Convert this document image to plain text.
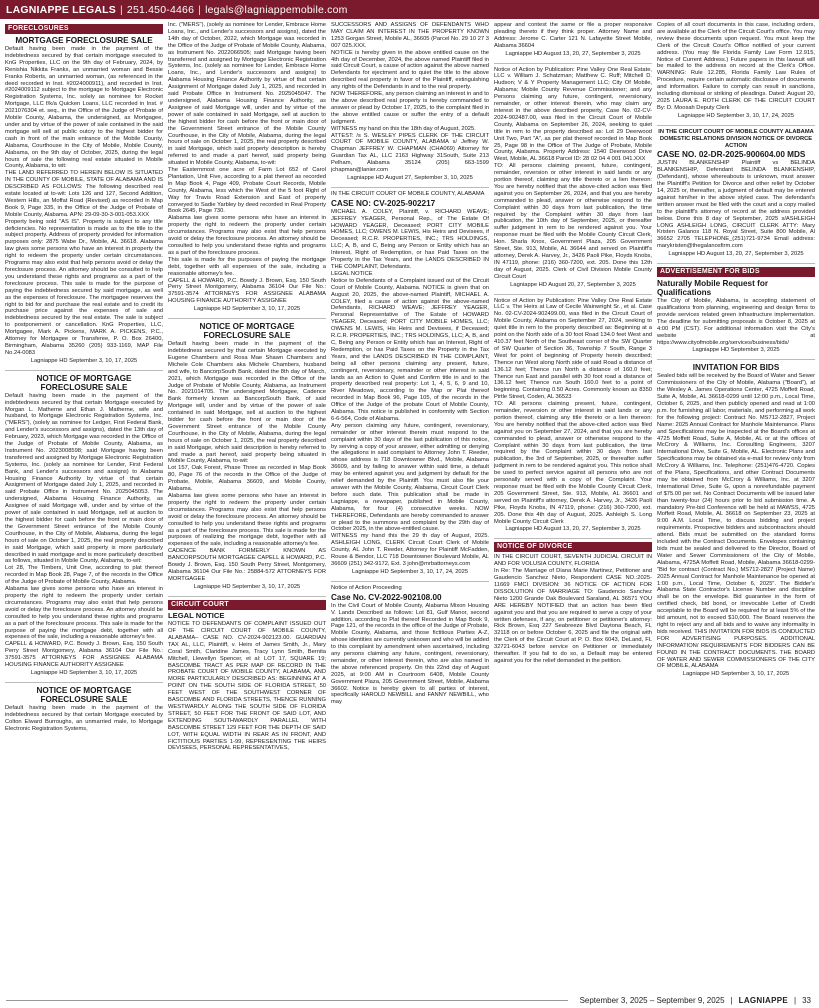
LAGNIAPPE LEGALS | 251.450-4466 | legals@lagniappemobile.com
FORECLOSURES
MORTGAGE FORECLOSURE SALE
Default having been made in the payment of the indebtedness secured by that certain mortgage executed to KnG Properties, LLC on the 9th day of February, 2024, by Renishia Nikkita Franks, an unmarried woman and Bessie Franks Roberts, an unmarried woman, (as referenced in the deed recorded in Inst. #2024000911), and recorded in Inst. #2024009112 subject to the mortgage to Mortgage Electronic Registration Systems, Inc. solely as nominee for Rocket Mortgage, LLC f/k/a Quicken Loans, LLC recorded in Inst. # 2021076304 et. seq., in the Office of the Judge of Probate of Mobile County, Alabama, the undersigned, as Mortgagee, under and by virtue of the power of sale contained in the said mortgage will sell at public outcry to the highest bidder for cash in front of the main entrance of the Mobile County, Alabama, Courthouse in the City of Mobile, Mobile County, Alabama, on the 9th day of October, 2025, during the legal hours of sale the following real estate situated in Mobile County, Alabama, to wit:
THE LAND REFERRED TO HEREIN BELOW IS SITUATED IN THE COUNTY OF MOBILE, STATE OF ALABAMA AND IS DESCRIBED AS FOLLOWS: The following described real estate located at to-wit: Lots 126 and 127, Second Addition, Western Hills, an Moffat Road (Revised) as recorded in Map Book 9, Page 335, in the Office of the Judge of Probate of Mobile County, Alabama. APN: 29-09-30-3-001-053.XXX
Property being sold "AS IS". Property is subject to any title deficiencies. No representation is made as to the title to the subject property. Address of property provided for information purposes only: 2875 Wabe Dr., Mobile, AL 36618. Alabama law gives some persons who have an interest in property the right to redeem the property under certain circumstances. Programs may also exist that help persons avoid or delay the foreclosure process. An attorney should be consulted to help you understand these rights and programs as a part of the foreclosure process. This sale is made for the purpose of paying the indebtedness secured by said mortgage, as well as the expenses of foreclosure. The mortgagee reserves the right to bid for and purchase the real estate and to credit its purchase price against the expenses of sale and indebtedness secured by the real estate. The sale is subject to postponement or cancellation. KnG Properties, LLC, Mortgagee, Mark A. Pickens, MARK A. PICKENS, P.C., Attorney for Mortgagee or Transferee, P. O. Box 26400, Birmingham, Alabama 35260 (205) 933-1169, MAP File No.24-0083
Lagniappe HD September 3, 10, 17, 2025
NOTICE OF MORTGAGE FORECLOSURE SALE
Default having been made in the payment of the indebtedness secured by that certain Mortgage executed by Morgan L. Matherne and Ethan J. Matherne, wife and husband, to Mortgage Electronic Registration Systems, Inc. ("MERS"), (solely as nominee for Ledger, First Federal Bank, and Lender's successors and assigns), dated the 13th day of February, 2023, which Mortgage was recorded in the Office of the Judge of Probate of Mobile County, Alabama, as Instrument No. 2023008598; said Mortgage having been transferred and assigned by Mortgage Electronic Registration Systems, Inc. (solely as nominee for Lender, First Federal Bank, and Lender's successors and assigns) to Alabama Housing Finance Authority by virtue of that certain Assignment of Mortgage dated July 1, 2025, and recorded in said Probate Office in Instrument No. 2025045053. The undersigned, Alabama Housing Finance Authority, as Assignee of said Mortgage will, under and by virtue of the power of sale contained in said Mortgage, sell at auction to the highest bidder for cash before the front or main door of the Government Street entrance of the Mobile County Courthouse, in the City of Mobile, Alabama, during the legal hours of sale on October 1, 2025, the real property described in said Mortgage, which said property is more particularly described in said mortgage and is more particularly described as follows, situated in Mobile County, Alabama, to-wit:
Lot 28, The Timbers, Unit One, according to plat thereof recorded in Map Book 28, Page 7, of the records in the Office of the Judge of Probate of Mobile County, Alabama.
Alabama law gives some persons who have an interest in property the right to redeem the property under certain circumstances. Programs may also exist that help persons avoid or delay the foreclosure process. An attorney should be consulted to help you understand these rights and programs as a part of the foreclosure process. This sale is made for the purpose of paying the mortgage debt, together with all expenses of the sale, including a reasonable attorney's fee.
CAPELL & HOWARD, P.C. Bowdy J. Brown, Esq. 150 South Perry Street Montgomery, Alabama 36104 Our File No.: 37591-3575 ATTORNEYS FOR ASSIGNEE ALABAMA HOUSING FINANCE AUTHORITY ASSIGNEE
Lagniappe HD September 3, 10, 17, 2025
NOTICE OF MORTGAGE FORECLOSURE SALE
Default having been made in the payment of the indebtedness secured by that certain Mortgage executed by Colton Elward Burroughs, an unmarried male, to Mortgage Electronic Registration Systems,
Inc. ("MERS"), (solely as nominee for Lender, Embrace Home Loans, Inc., and Lender's successors and assigns), dated the 14th day of October, 2022, which Mortgage was recorded in the Office of the Judge of Probate of Mobile County, Alabama, as Instrument No. 2022066505; said Mortgage having been transferred and assigned by Mortgage Electronic Registration Systems, Inc. (solely as nominee for Lender, Embrace Home Loans, Inc., and Lender's successors and assigns) to Alabama Housing Finance Authority by virtue of that certain Assignment of Mortgage dated July 1, 2025, and recorded in said Probate Office in Instrument No. 2025045047. The undersigned, Alabama Housing Finance Authority, as Assignee of said Mortgage will, under and by virtue of the power of sale contained in said Mortgage, sell at auction to the highest bidder for cash before the front or main door of the Government Street entrance of the Mobile County Courthouse, in the City of Mobile, Alabama, during the legal hours of sale on October 1, 2025, the real property described in said Mortgage, which said property description is hereby referred to and made a part hereof, said property being situated in Mobile County, Alabama, to-wit:
The Easternmost one acre of Farm Lot 652 of Carol Plantation, Unit Five, according to a plat thereof as recorded in Map Book 4, Page 409, Probate Court Records, Mobile County, Alabama, less which the West of the 5 foot Right of Way for Travis Road Extension and East of property conveyed to Sadie Yarbley by deed recorded in Real Property Book 2645, Page 730.
Alabama law gives some persons who have an interest in property the right to redeem the property under certain circumstances. Programs may also exist that help persons avoid or delay the foreclosure process. An attorney should be consulted to help you understand these rights and programs as a part of the foreclosure process.
This sale is made for the purposes of paying the mortgage debt, together with all expenses of the sale, including a reasonable attorney's fee.
CAPELL & HOWARD, P.C. Bowdy J. Brown, Esq. 150 South Perry Street Montgomery, Alabama 36104 Our File No.: 37591-3574 ATTORNEYS FOR ASSIGNEE ALABAMA HOUSING FINANCE AUTHORITY ASSIGNEE
Lagniappe HD September 3, 10, 17, 2025
NOTICE OF MORTGAGE FORECLOSURE SALE
Default having been made in the payment of the indebtedness secured by that certain Mortgage executed by Eugene Chambers and Rosa Mae Shawn Chambers and Michele Cole Chambers aka Michele Chambers, husband and wife, to BancorpSouth Bank, dated the 8th day of March, 2021, which Mortgage was recorded in the Office of the Judge of Probate of Mobile County, Alabama, as Instrument No. 2021014705. The undersigned Mortgagee, Cadence Bank formerly known as BancorpSouth Bank, of said Mortgage will, under and by virtue of the power of sale contained in said Mortgage, sell at auction to the highest bidder for cash before the front or main door of the Government Street entrance of the Mobile County Courthouse, in the City of Mobile, Alabama, during the legal hours of sale on October 1, 2025, the real property described in said Mortgage, which said description is hereby referred to and made a part hereof, said property being situated in Mobile County, Alabama, to-wit:
Lot 157, Oak Forest, Phase Three as recorded in Map Book 80, Page 76 of the records in the Office of the Judge of Probate, Mobile, Alabama 36609, and Mobile County, Alabama.
Alabama law gives some persons who have an interest in property the right to redeem the property under certain circumstances. Programs may also exist that help persons avoid or delay the foreclosure process. An attorney should be consulted to help you understand these rights and programs as a part of the foreclosure process. This sale is made for the purposes of realizing the mortgage debt, together with all expenses of the sale, including a reasonable attorney's fee.
CADENCE BANK FORMERLY KNOWN AS BANCORPSOUTH MORTGAGEE CAPELL & HOWARD, P.C. Bowdy J. Brown, Esq. 150 South Perry Street, Montgomery, Alabama 36104 Our File No.: 25884-572 ATTORNEYS FOR MORTGAGEE
Lagniappe HD September 3, 10, 17, 2025
CIRCUIT COURT
LEGAL NOTICE
NOTICE TO DEFENDANTS OF COMPLAINT ISSUED OUT OF THE CIRCUIT COURT OF MOBILE COUNTY, ALABAMA– CASE NO. CV-2024-902123.00. GUARDIAN TAX AL, LLC, Plaintiff, v. Heirs of James Smith, Jr., Mary Coral Smith, Claridine James, Tracy Lynn Smith, Bernita Mitchell, Llewellyn Spencer, et al: LOT 17, SQUARE 19; BASCOMBE TRACT AS PER MAP OF RECORD IN THE PROBATE COURT OF MOBILE COUNTY, ALABAMA, AND MORE PARTICULARLY DESCRIBED AS: BEGINNING AT A POINT ON THE SOUTH SIDE OF FLORIDA STREET, 50 FEET WEST OF THE SOUTHWEST CORNER OF BASCOMBE AND FLORIDA STREETS, THENCE RUNNING WESTWARDLY ALONG THE SOUTH SIDE OF FLORIDA STREET, 50 FEET FOR THE FRONT OF SAID LOT, AND EXTENDING SOUTHWARDLY PARALLEL WITH BASCOMBE STREET 129 FEET FOR THE DEPTH OF SAID LOT, WITH EQUAL WIDTH IN REAR AS IN FRONT, AND FICTITIOUS PARTIES 1-99, REPRESENTING THE HEIRS DEVISEES, PERSONAL REPRESENTATIVES,
SUCCESSORS AND ASSIGNS OF DEFENDANTS WHO MAY CLAIM AN INTEREST IN THE PROPERTY KNOWN 1253 Gorgan Street, Mobile AL, 36605 (Parcel No. 29 10 27 3 007 025.XXX.
NOTICE is hereby given in the above entitled cause on the 4th day of December, 2024, the above named Plaintiff filed in said Circuit Court, a cause of action against the above named Defendants for ejectment and to quiet the title to the above described real property in favor of the Plaintiff, extinguishing any rights of the Defendants in and to the real property.
NOW THEREFORE, any person claiming an interest in and to the above described real property is hereby commanded to answer or plead by October 17, 2025, to the complaint filed in the above entitled cause or suffer the entry of a default judgment.
WITNESS my hand on this the 18th day of August, 2025.
ATTEST: /s S. WESLEY PIPES CLERK OF THE CIRCUIT COURT OF MOBILE COUNTY, ALABAMA s/ Jeffrey W. Chapman JEFFREY W. CHAPMAN (CHA069) Attorney for Guardian Tax AL, LLC 2163 Highway 31South, Suite 213 Pelham, Alabama 35124 (205) 663-1599 jchapman@lanier.com
Lagniappe HD August 27, September 3, 10, 2025
IN THE CIRCUIT COURT OF MOBILE COUNTY, ALABAMA
CASE NO: CV-2025-902217
MICHAEL A. COLEY, Plaintiff, v. RICHARD WEAVE; JEFFREY YEAGER, Personal Rep., of The Estate Of HOWARD YEAGER, Deceased; PORT CITY MOBILE HOMES, LLC; OWENS M. LEWIS, His Heirs and Devisees, if Deceased; R.C.R. PROPERTIES, INC.; TRS HOLDINGS, LLC; A, B, and C, Being any Person or Entity which has an Interest, Right of Redemption, or has Paid Taxes on the Property in the Tax Years, and the LANDS DESCRIBED IN THE COMPLAINT, Defendants.
LEGAL NOTICE
Notice to Defendants of a Complaint issued out of the Circuit Court of Mobile County, Alabama. NOTICE is given that on August 20, 2025, the above-named Plaintiff, MICHAEL A. COLEY, filed a cause of action against the above-named Defendants, RICHARD WEAVE; JEFFREY YEAGER, Personal Representative of The Estate of HOWARD YEAGER, Deceased; PORT CITY MOBILE HOMES, LLC; OWENS M. LEWIS, His Heirs and Devisees, if Deceased; R.C.R. PROPERTIES, INC.; TRS HOLDINGS, LLC; A, B, and C, Being any Person or Entity which has an Interest, Right of Redemption, or has Paid Taxes on the Property in the Tax Years, and the LANDS DESCRIBED IN THE COMPLAINT, being all other persons claiming any present, future, contingent, reversionary, remainder or other interest in said lands as an Action to Quiet and Confirm title in and to the property described real property: Lot 1, 4, 5, 6, 9 and 10, River Meadows, according to the Map or Plat thereof recorded in Map Book 96, Page 105, of the records in the Office of the Judge of the probate Court of Mobile County, Alabama. This notice is published in conformity with Section 6-6-564, Code of Alabama.
Any person claiming any future, contingent, reversionary, remainder or other interest therein must respond to the complaint within 30 days of the last publication of this notice, by serving a copy of your answer, either admitting or denying the allegations in said complaint to Attorney John T. Reeder, whose address is 718 Downtowner Blvd., Mobile, Alabama 36609, and by failing to answer within said time, a default may be entered against you and judgment by default for the relief demanded by the Plaintiff. You must also file your answer with the Mobile County, Alabama, Circuit Court Clerk before such date. This publication shall be made in Lagniappe, a newspaper, published in Mobile County, Alabama, for four (4) consecutive weeks. NOW THEREFORE, Defendants are hereby commanded to answer or plead to the summons and complaint by the 29th day of October 2025, in the above-entitled cause.
WITNESS my hand this the 29 th day of August, 2025. ASHLEIGH LONG, CLERK Circuit Court Clerk of Mobile County, AL John T. Reeder, Attorney for Plaintiff McFadden, Rouse & Bendor, LLC 718 Downtowner Boulevard Mobile, AL 36609 (251) 342-9172, Ext. 3 john@mrbattorneys.com
Lagniappe HD September 3, 10, 17, 24, 2025
Notice of Action Proceeding
Case No. CV-2022-902108.00
In the Civil Court of Mobile County, Alabama Mixon Housing V. Lands Described as follows: Lot 81, Gulf Manor, second addition, according to Plat thereof Recorded in Map Book 9, Page 121, of the records in the office of the Judge of Probate, Mobile County, Alabama, and those fictitious Parties A-Z, whose identities are currently unknown and who will be added to this complaint by amendment when ascertained, including any persons claiming any future, contingent, reversionary, remainder, or other interest therein, who are also named in the above referenced property. On this 22nd day of August 2025, at 9:00 AM in Courtroom 6408, Mobile County Government Plaza, 205 Government Street, Mobile, Alabama 36602. Notice is hereby given to all parties of interest, specifically HAROLD NEWBILL and FANNY NEWBILL, who may
appear and contest the same or file a proper responsive pleading thereto if they think proper. Attorney Name and Address: Jerome C. Carter 121 N. Lafayette Street Mobile, Alabama 36604
Lagniappe HD August 13, 20, 27, September 3, 2025
Notice of Action by Publication: Pine Valley One Real Estate, LLC v. William J. Schatzman; Matthew C. Ruff; Mitchell D. Hudson; V & Y Property Management LLC; City Of Mobile, Alabama; Mobile County Revenue Commissioner; and any Persons claiming any future, contingent, reversionary, remainder, or other interest therein, who may claim any interest in the above described property, Case No. 02-CV-2024-902487.00, was filed in the Circuit Court of Mobile County, Alabama on September 26, 2024, seeking to quiet title in rem to the property described as: Lot 29 Deerwood Unit Two, Part "A", as per plat thereof recorded in Map Book 25, Page 98 in the Office of The Judge of Probate, Mobile County, Alabama. Property Address: 1540 Deerwood Drive West, Mobile, AL 36618 Parcel ID: 28 02 04 4 001 041.XXX
TO: All persons claiming present, future, contingent, remainder, reversion or other interest in said lands or any portion thereof, claiming any title thereto or a lien thereon: You are hereby notified that the above-cited action was filed against you on September 26, 2024, and that you are hereby commanded to plead, answer or otherwise respond to the Complaint within 30 days from last publication, the time required by the Complaint within 30 days from last publication, the 10th day of September, 2025, or thereafter suffer judgment in rem to be rendered against you. Your response must be filed with the Mobile County Circuit Clerk, Hon. Sharla Knox, Government Plaza, 205 Government Street, Ste. 913, Mobile, AL 36644 and served on Plaintiff's attorney, Derek A. Harvey, Jr., 3426 Paoli Pike, Floyds Knobs, IN 47119, phone: (216) 360-7200, ext. 205. Done this 12th day of August, 2025. Clerk of Civil Division Mobile County Circuit Court
Lagniappe HD August 20, 27, September 3, 2025
Notice of Action by Publication: Pine Valley One Real Estate LLC v. The Heirs at Law of Cecile Wainwright Sr., et al. Case No. 02-CV-2024-902499.00, was filed in the Circuit Court of Mobile County, Alabama on September 27, 2024, seeking to quiet title in rem to the property described as: Beginning at a point on the North side of a 30 foot Road 134.0 feet West and 410.37 feet North of the Southeast corner of the SW Quarter of SW Quarter of Section 36, Township 7 South, Range 3 West for point of beginning of Property herein described; Thence run West along North side of said Road a distance of 136.12 feet; Thence run North a distance of 160.0 feet; Thence run East and parallel with 30 foot road a distance of 136.12 feet; Thence run South 160.0 feet to a point of beginning. Containing 0.50 Acres. Commonly known as 8350 Pirtle Street, Coden, AL 36523
TO: All persons claiming present, future, contingent, remainder, reversion or other interest in said lands or any portion thereof, claiming any title thereto or a lien thereon: You are hereby notified that the above-cited action was filed against you on September 27, 2024, and that you are hereby commanded to plead, answer or otherwise respond to the Complaint within 30 days from last publication, the time required by the Complaint within 30 days from last publication, the 3rd of September, 2025, or thereafter suffer judgment in rem to be rendered against you. This notice shall be used to perfect service against all persons who are not personally served with a copy of the Complaint. Your response must be filed with the Mobile County Circuit Clerk, 205 Government Street, Ste. 913, Mobile, AL 36601 and served on Plaintiff's attorney, Derek A. Harvey, Jr., 3426 Paoli Pike, Floyds Knobs, IN 47119, phone: (216) 360-7200, ext. 205. Done this 4th day of August, 2025. Ashleigh S. Long Mobile County Circuit Clerk
Lagniappe HD August 13, 20, 27, September 3, 2025
NOTICE OF DIVORCE
IN THE CIRCUIT COURT, SEVENTH JUDICIAL CIRCUIT IN AND FOR VOLUSIA COUNTY, FLORIDA
In Re: The Marriage of Diana Marie Martinez, Petitioner and Gaudencio Sanchez Nieto, Respondent CASE NO.:2025-11669 FMCI DIVISION: 36 NOTICE OF ACTION FOR DISSOLUTION OF MARRIAGE TO: Gaudencio Sanchez Nieto 1200 Grande Oak Boulevard Saraland, AL 36571 YOU ARE HEREBY NOTIFIED that an action has been filed against you and that you are required to serve a copy of your written defenses, if any, on petitioner or petitioner's attorney: Rick Brown, Esq 227 Seabreeze Blvd Daytona Beach, FL 32118 on or before October 6, 2025 and file the original with the Clerk of the Circuit Court at P. O. Box 6043, DeLand, FL 32721-6043 before service on Petitioner or immediately thereafter. If you fail to do so, a Default may be entered against you for the relief demanded in the petition.
Copies of all court documents in this case, including orders, are available at the Clerk of the Circuit Court's office. You may review these documents upon request. You must keep the Clerk of the Circuit Court's Office notified of your current address. (You may file Florida Family Law Form 12.915, Notice of Current Address.) Future papers in this lawsuit will be mailed to the address on record at the Clerk's Office. WARNING: Rule 12.285, Florida Family Law Rules of Procedure, require certain automatic disclosure of documents and information. Failure to comply can result in sanctions, including dismissal or striking of pleadings. Dated: August 20, 2025 LAURA E. ROTH CLERK OF THE CIRCUIT COURT By: D. Moosah Deputy Clerk
Lagniappe HD September 3, 10, 17, 24, 2025
IN THE CIRCUIT COURT OF MOBILE COUNTY ALABAMA DOMESTIC RELATIONS DIVISION NOTICE OF DIVORCE ACTION
CASE NO. 02-DR-2025-900604.00 MDS
JUSTIN BLANKENSHIP Plaintiff vs BELINDA BLANKENSHIP, Defendant BELINDA BLANKENSHIP, (Defendant), whose whereabouts is unknown, must answer the Plaintiff's Petition for Divorce and other relief by October 14, 2025 or, thereafter, a judgment of default may be entered against him/her in the above styled case. The defendant's written answer must be filed with the court and a copy mailed to the plaintiff's attorney of record at the address provided below. Done this 8 day of September, 2025 s/ASHLEIGH LONG ASHLEIGH LONG, CIRCUIT CLERK ATTY: Mary Kristen Galanos 118 N. Royal Street, Suite 800 Mobile, Al 36652 2705 TELEPHONE_(251)721-9734 Email address: marykristen@thegalanosfirm.com
Lagniappe HD August 13, 20, 27, September 3, 2025
ADVERTISEMENT FOR BIDS
Naturally Mobile Request for Qualifications
The City of Mobile, Alabama, is accepting statement of qualifications from planning, engineering and design firms to provide services related green infrastructure implementation. The deadline for submitting proposals is October 8, 2025 at 4:00 PM (CST). For additional information visit the City's website at https://www.cityofmobile.org/services/business/bids/
Lagniappe HD September 3, 2025
INVITATION FOR BIDS
Sealed bids will be received by the Board of Water and Sewer Commissioners of the City of Mobile, Alabama ("Board"), at the Wesley A. James Operations Center, 4725 Moffett Road, Suite A, Mobile, AL 36618-0299 until 12:00 p.m., Local Time, October 6, 2025, and then publicly opened and read at 1:00 p.m. for furnishing all labor, materials, and performing all work for the following project: Contract No. MS712-2827, Project Name: 2025 Annual Contract for Manhole Maintenance. Plans and Specifications may be inspected at the Board's offices at 4725 Moffett Road, Suite A, Mobile, AL or at the offices of McCrory & Williams, Inc. Consulting Engineers, 3207 International Drive, Suite G, Mobile, AL. Electronic Plans and Specifications may be obtained via e-mail for review only from McCrory & Williams, Inc. Telephone: (251)476-4720. Copies of the Plans, Specifications, and other Contract Documents may be obtained from McCrory & Williams, Inc. at 3207 International Drive, Suite G, upon a nonrefundable payment of $75.00 per set. No Contract Documents will be issued later than twenty-four (24) hours prior to bid submission time. A mandatory Pre-bid Conference will be held at MAWSS, 4725 Moffett Road, Mobile, AL 36618 on September 23, 2025 at 9:00 A.M. Local Time, to discuss bidding and project requirements. Prospective bidders and subcontractors should attend. Bids must be submitted on the standard forms included with the Contract Documents. Envelopes containing bids must be sealed and delivered to the Director, Board of Water and Sewer Commissioners of the City of Mobile, Alabama, 4725A Moffett Road, Mobile, Alabama 36618-0299- "Bid for contract (Contract No.) MS712-2827 (Project Name) 2025 Annual Contract for Manhole Maintenance be opened at 1:00 p.m., Local Time, October 6, 2025". The Bidder's Alabama State Contractor's License Number and discipline shall be on the envelope. Bid guarantee in the form of certified check, bid bond, or irrevocable Letter of Credit acceptable to the Board will be required for at least 5% of the bid amount, not to exceed $10,000. The Board reserves the right to reject any and all bids and to waive any informality in bids received. THIS INVITATION FOR BIDS IS CONDUCTED FOR ADVERTISING PURPOSES. ADDITIONAL INFORMATION/ REQUIREMENTS FOR BIDDERS CAN BE FOUND IN THE CONTRACT DOCUMENTS. THE BOARD OF WATER AND SEWER COMMISSIONERS OF THE CITY OF MOBILE, ALABAMA
Lagniappe HD September 3, 10, 17, 2025
September 3, 2025 – September 9, 2025 | LAGNIAPPE | 33
